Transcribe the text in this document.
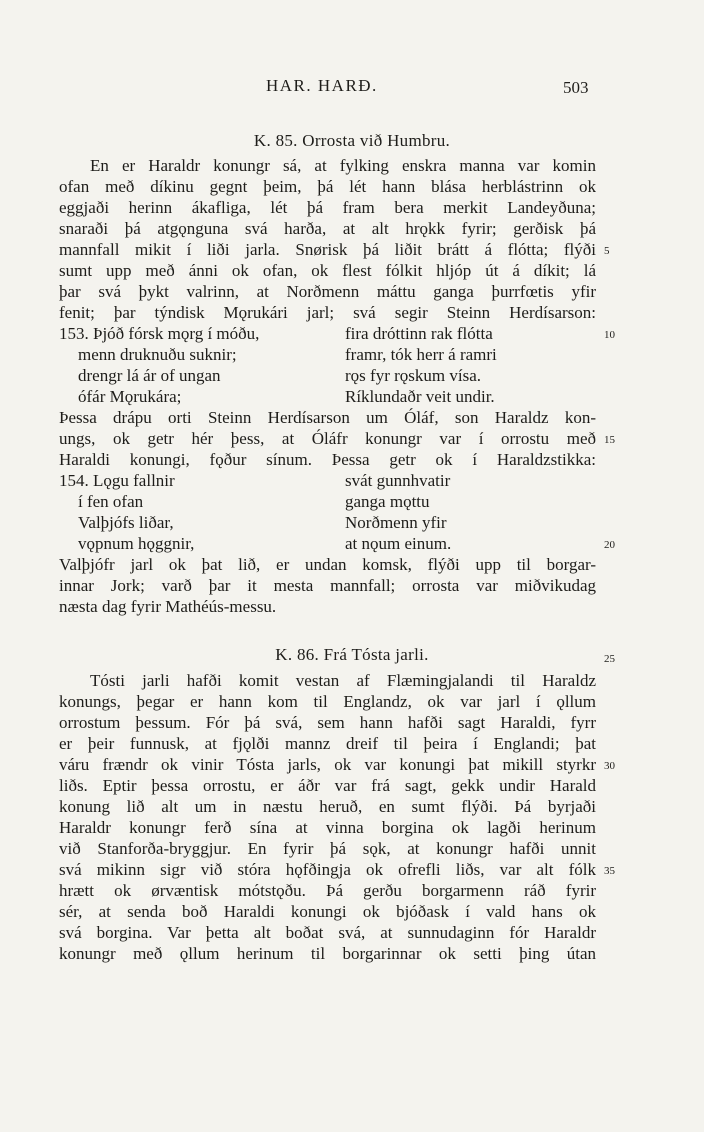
HAR. HARÐ.	503
K. 85. Orrosta við Humbru.
En er Haraldr konungr sá, at fylking enskra manna var komin
ofan með díkinu gegnt þeim, þá lét hann blása herblástrinn ok
eggjaði herinn ákafliga, lét þá fram bera merkit Landeyðuna;
snaraði þá atgǫnguna svá harða, at alt hrǫkk fyrir; gerðisk þá
mannfall mikit í liði jarla. Snørisk þá liðit brátt á flótta; flýði
sumt upp með ánni ok ofan, ok flest fólkit hljóp út á díkit; lá
þar svá þykt valrinn, at Norðmenn máttu ganga þurrfœtis yfir
fenit; þar týndisk Mǫrukári jarl; svá segir Steinn Herdísarson:
153. Þjóð fórsk mǫrg í móðu,
menn druknuðu suknir;
drengr lá ár of ungan
ófár Mǫrukára;
fira dróttinn rak flótta
framr, tók herr á ramri
rǫs fyr rǫskum vísa.
Ríklundaðr veit undir.
Þessa drápu orti Steinn Herdísarson um Óláf, son Haraldz kon-
ungs, ok getr hér þess, at Óláfr konungr var í orrostu með
Haraldi konungi, fǫður sínum. Þessa getr ok í Haraldzstikka:
154. Lǫgu fallnir
í fen ofan
Valþjófs liðar,
vǫpnum hǫggnir,
svát gunnhvatir
ganga mǫttu
Norðmenn yfir
at nǫum einum.
Valþjófr jarl ok þat lið, er undan komsk, flýði upp til borgar-
innar Jork; varð þar it mesta mannfall; orrosta var miðvikudag
næsta dag fyrir Mathéús-messu.
K. 86. Frá Tósta jarli.
Tósti jarli hafði komit vestan af Flæmingjalandi til Haraldz
konungs, þegar er hann kom til Englandz, ok var jarl í ǫllum
orrostum þessum. Fór þá svá, sem hann hafði sagt Haraldi, fyrr
er þeir funnusk, at fjǫlði mannz dreif til þeira í Englandi; þat
váru frændr ok vinir Tósta jarls, ok var konungi þat mikill styrkr
liðs. Eptir þessa orrostu, er áðr var frá sagt, gekk undir Harald
konung lið alt um in næstu heruð, en sumt flýði. Þá byrjaði
Haraldr konungr ferð sína at vinna borgina ok lagði herinum
við Stanforða-bryggjur. En fyrir þá sǫk, at konungr hafði unnit
svá mikinn sigr við stóra hǫfðingja ok ofrefli liðs, var alt fólk
hrætt ok ørvæntisk mótstǫðu. Þá gerðu borgarmenn ráð fyrir
sér, at senda boð Haraldi konungi ok bjóðask í vald hans ok
svá borgina. Var þetta alt boðat svá, at sunnudaginn fór Haraldr
konungr með ǫllum herinum til borgarinnar ok setti þing útan
5
10
15
20
25
30
35
